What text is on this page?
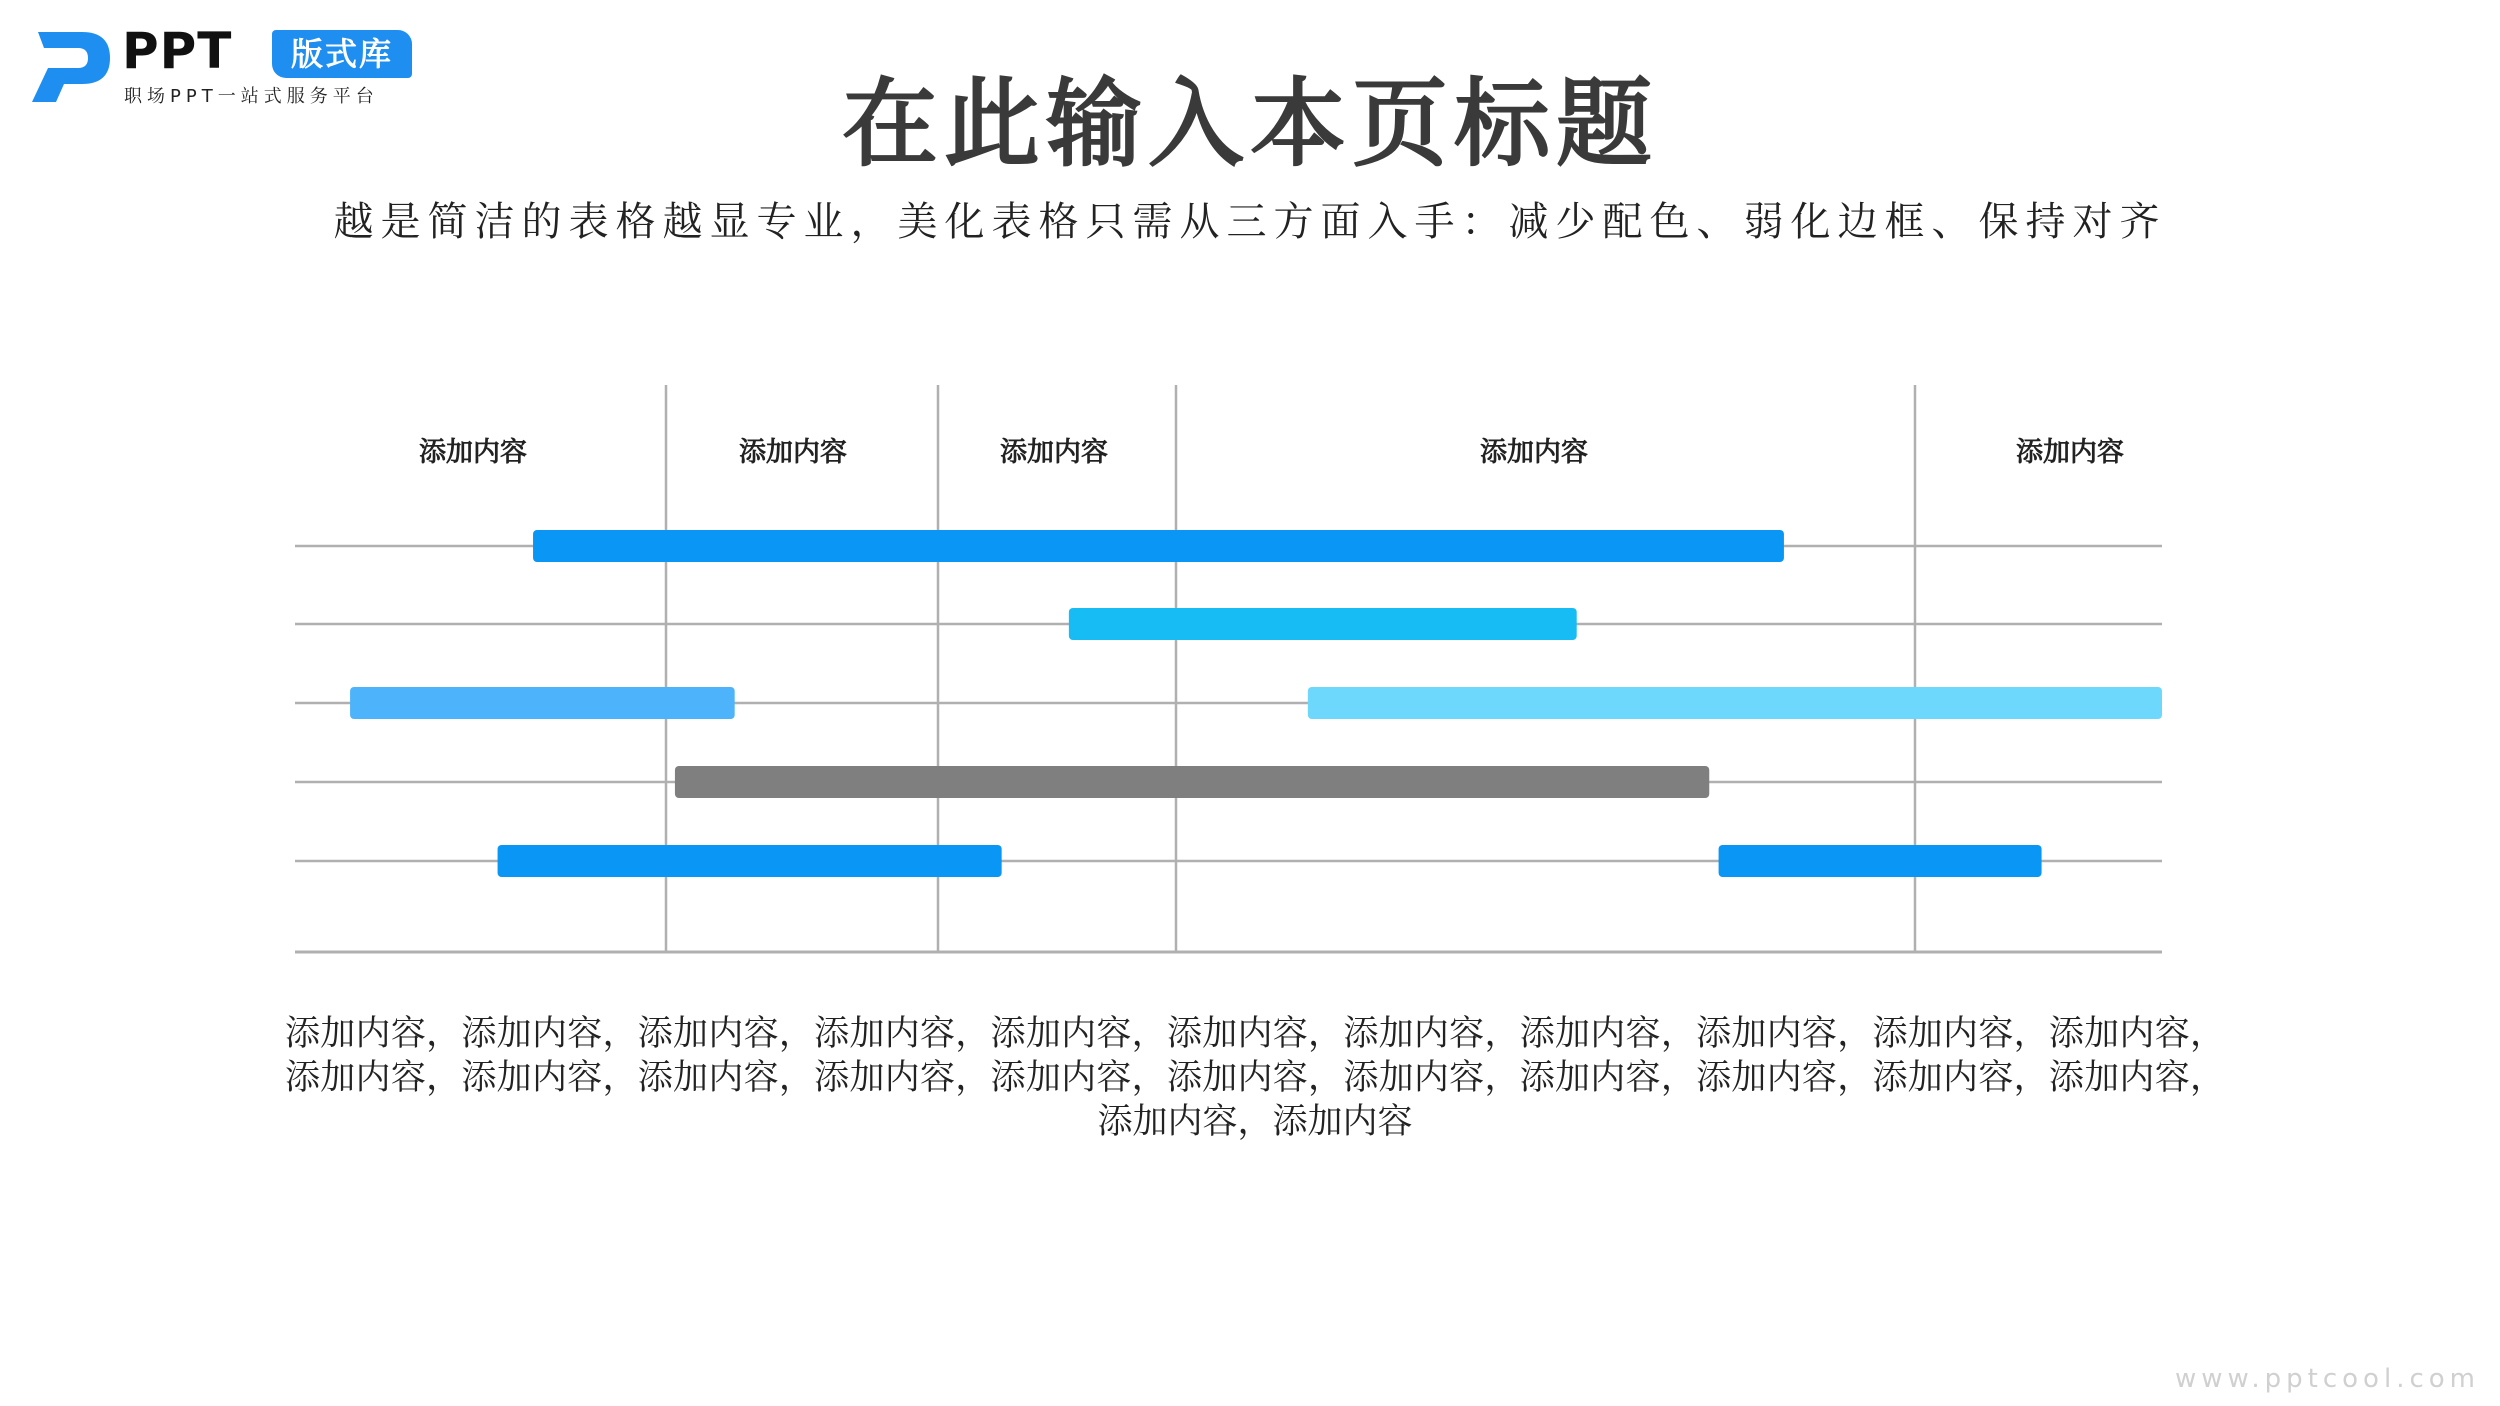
PPT	版式库
职场PPT一站式服务平台	在此输入本页标题
越是简洁的表格越显专业，美化表格只需从三方面入手：减少配色、弱化边框、保持对齐
添加内容	添加内容	添加内容	添加内容	添加内容
添加内容，添加内容，添加内容，添加内容，添加内容，添加内容，添加内容，添加内容，添加内容，添加内容，添加内容，添加内容，添加内容，添加内容，添加内容，添加内容，添加内容，添加内容，添加内容，添加内容，添加内容，添加内容，添加内容，添加内容
www.pptcool.com
